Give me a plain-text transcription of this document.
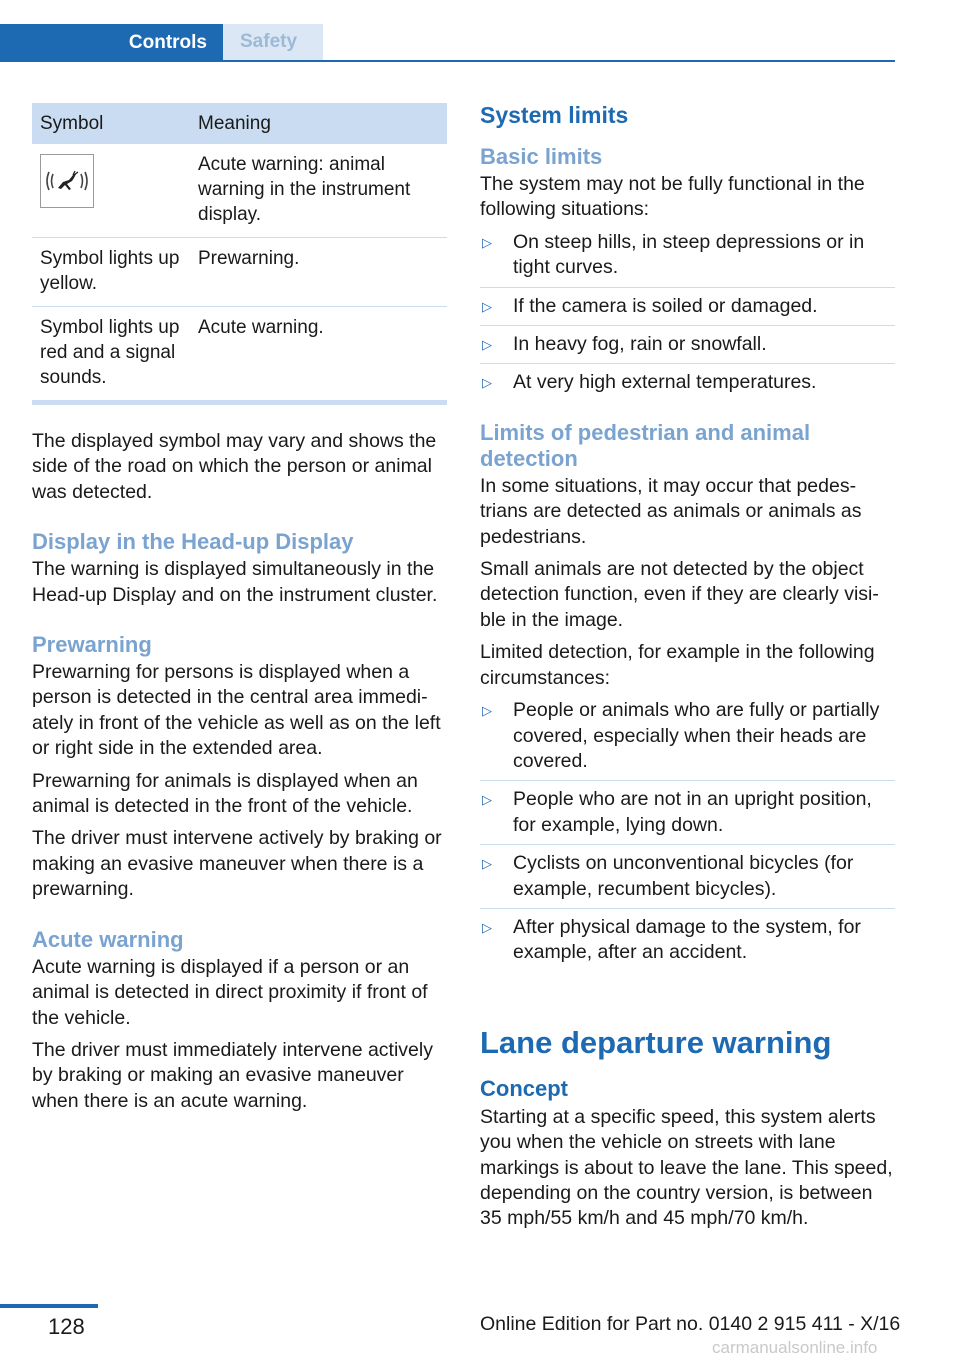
Controls Safety
Symbol	Meaning

	Acute warning: animal warning in the instrument display.
Symbol lights up yellow.	Prewarning.
Symbol lights up red and a signal sounds.	Acute warning.

The displayed symbol may vary and shows the side of the road on which the person or animal was detected.

Display in the Head-up Display

The warning is displayed simultaneously in the Head-up Display and on the instrument cluster.

Prewarning

Prewarning for persons is displayed when a person is detected in the central area immediately in front of the vehicle as well as on the left or right side in the extended area.

Prewarning for animals is displayed when an animal is detected in the front of the vehicle.

The driver must intervene actively by braking or making an evasive maneuver when there is a prewarning.

Acute warning

Acute warning is displayed if a person or an animal is detected in direct proximity if front of the vehicle.

The driver must immediately intervene actively by braking or making an evasive maneuver when there is an acute warning.

System limits
Basic limits

The system may not be fully functional in the following situations:

▷ On steep hills, in steep depressions or in tight curves.
▷ If the camera is soiled or damaged.
▷ In heavy fog, rain or snowfall.
▷ At very high external temperatures.
Limits of pedestrian and animal detection

In some situations, it may occur that pedestrians are detected as animals or animals as pedestrians.

Small animals are not detected by the object detection function, even if they are clearly visible in the image.

Limited detection, for example in the following circumstances:

▷ People or animals who are fully or partially covered, especially when their heads are covered.
▷ People who are not in an upright position, for example, lying down.
▷ Cyclists on unconventional bicycles (for example, recumbent bicycles).
▷ After physical damage to the system, for example, after an accident.
Lane departure warning
Concept

Starting at a specific speed, this system alerts you when the vehicle on streets with lane markings is about to leave the lane. This speed, depending on the country version, is between 35 mph/55 km/h and 45 mph/70 km/h.

128	Online Edition for Part no. 0140 2 915 411 - X/16
carmanualsonline.info
